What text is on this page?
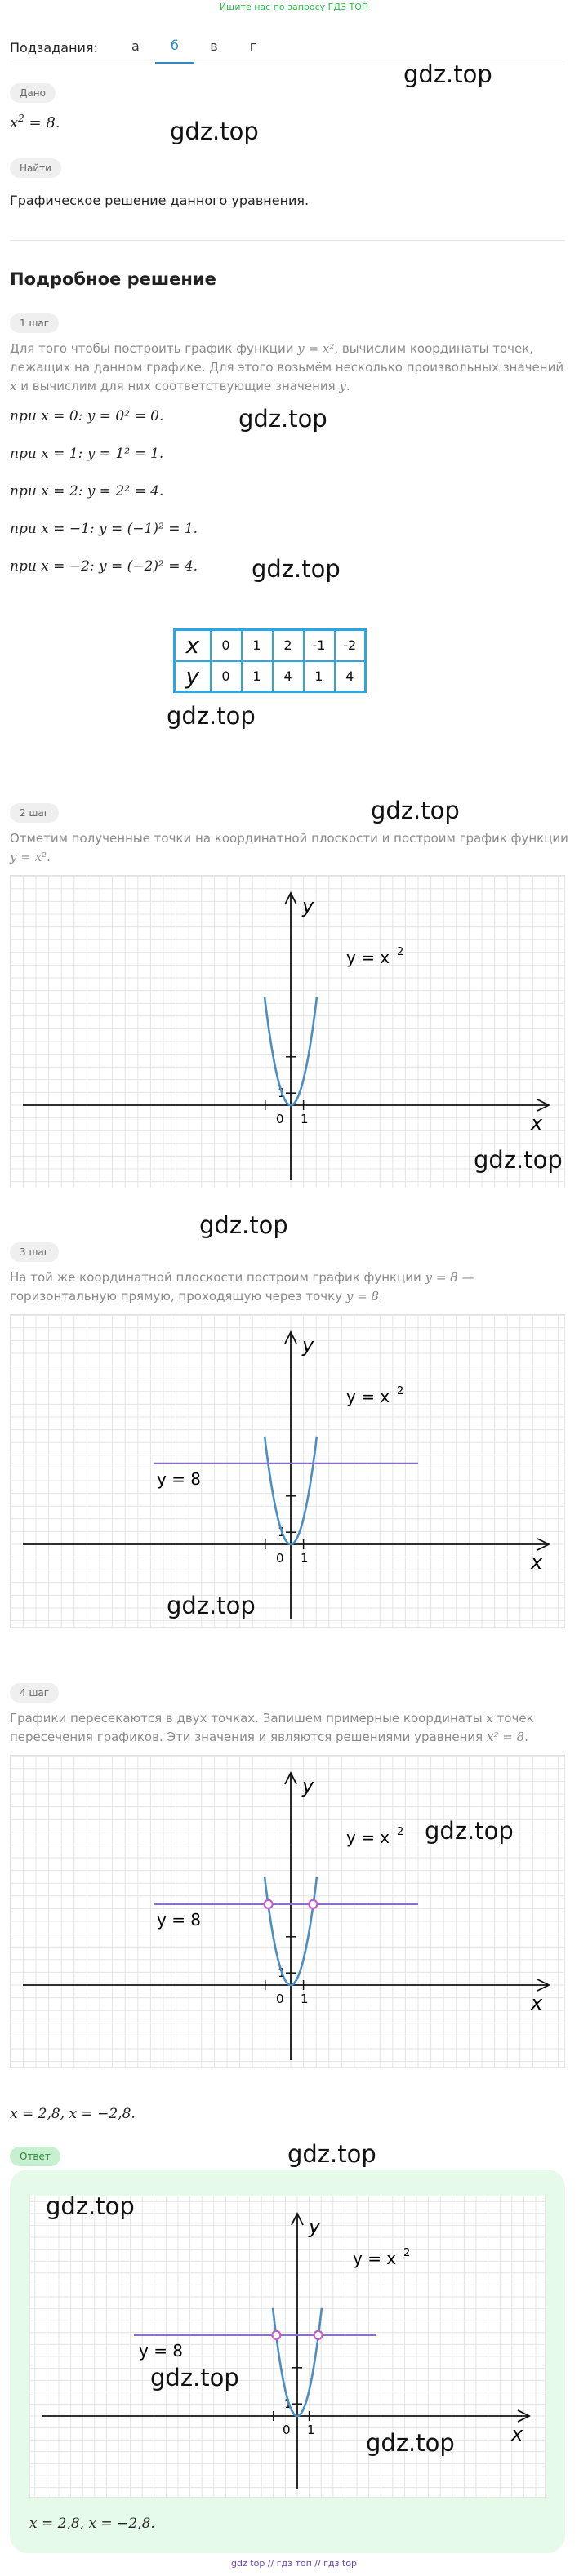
Ищите нас по запросу ГДЗ ТОП
Подзадания:	а	б	в	г
Дано
$x^2 = 8$.
Найти
Графическое решение данного уравнения.
Подробное решение
1 шаг
Для того чтобы построить график функции y = x², вычислим координаты точек, лежащих на данном графике. Для этого возьмём несколько произвольных значений x и вычислим для них соответствующие значения y.
при x = 0: y = 0² = 0.
при x = 1: y = 1² = 1.
при x = 2: y = 2² = 4.
при x = −1: y = (−1)² = 1.
при x = −2: y = (−2)² = 4.
x	0	1	2	-1	-2
y	0	1	4	1	4
2 шаг
Отметим полученные точки на координатной плоскости и построим график функции y = x².
x
y
0 1
1
y = x 2
3 шаг
На той же координатной плоскости построим график функции y = 8 — горизонтальную прямую, проходящую через точку y = 8.
x
y
0 1
1
y = x 2
y = 8
4 шаг
Графики пересекаются в двух точках. Запишем примерные координаты x точек пересечения графиков. Эти значения и являются решениями уравнения x² = 8.
x
y
0 1
1
y = x 2
y = 8
x = 2,8, x = −2,8.
Ответ
x
y
0 1
1
y = x 2
y = 8
x = 2,8, x = −2,8.
gdz.top
gdz.top
gdz.top
gdz.top
gdz.top
gdz.top
gdz.top
gdz.top
gdz.top
gdz.top
gdz.top
gdz.top
gdz.top
gdz.top
gdz top // гдз топ // гдз top
